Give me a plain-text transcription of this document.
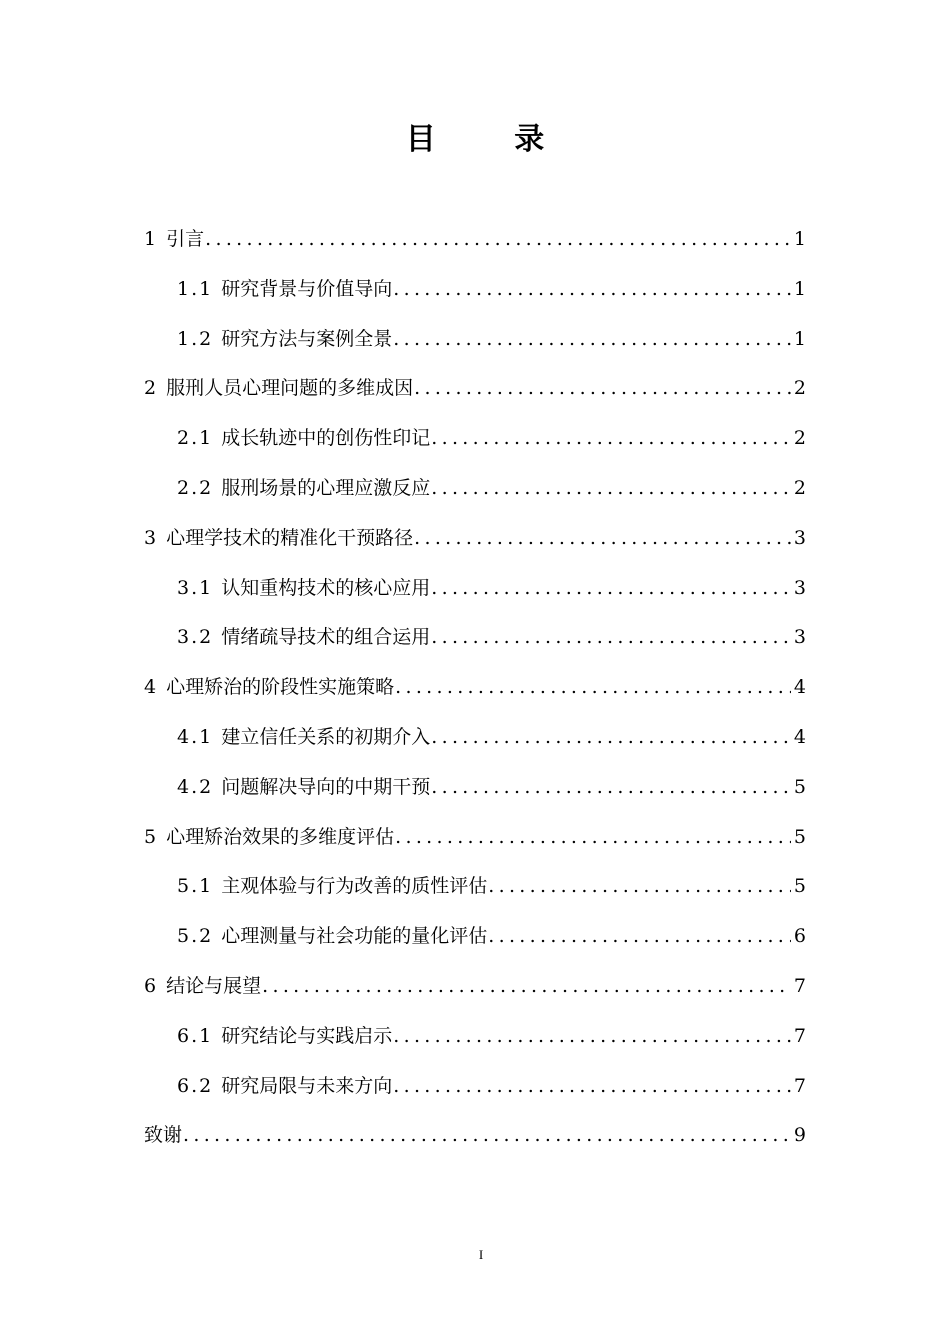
目 录
1 引言 .....	1
1.1 研究背景与价值导向 .....	1
1.2 研究方法与案例全景 .....	1
2 服刑人员心理问题的多维成因 .....	2
2.1 成长轨迹中的创伤性印记 .....	2
2.2 服刑场景的心理应激反应 .....	2
3 心理学技术的精准化干预路径 .....	3
3.1 认知重构技术的核心应用 .....	3
3.2 情绪疏导技术的组合运用 .....	3
4 心理矫治的阶段性实施策略 .....	4
4.1 建立信任关系的初期介入 .....	4
4.2 问题解决导向的中期干预 .....	5
5 心理矫治效果的多维度评估 .....	5
5.1 主观体验与行为改善的质性评估 .....	5
5.2 心理测量与社会功能的量化评估 .....	6
6 结论与展望 .....	7
6.1 研究结论与实践启示 .....	7
6.2 研究局限与未来方向 .....	7
致谢 .....	9
I
